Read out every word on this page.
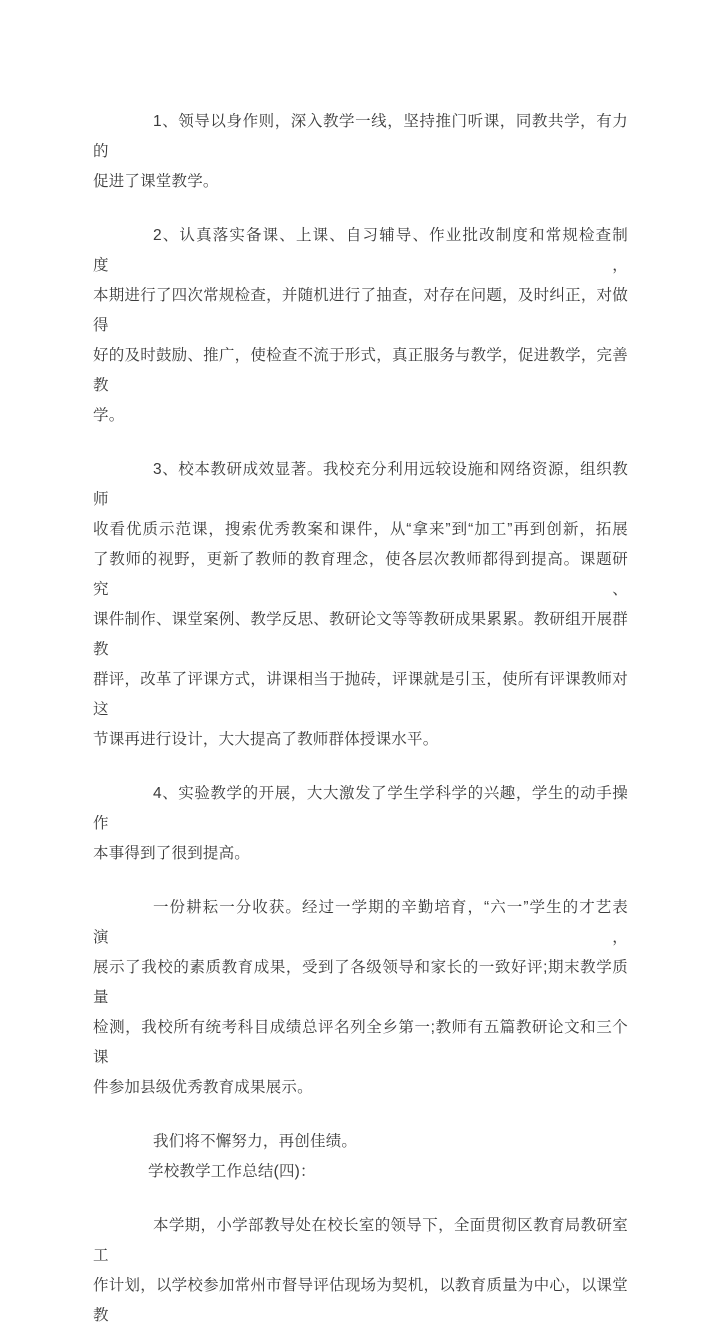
1、领导以身作则，深入教学一线，坚持推门听课，同教共学，有力的
促进了课堂教学。
2、认真落实备课、上课、自习辅导、作业批改制度和常规检查制度，
本期进行了四次常规检查，并随机进行了抽查，对存在问题，及时纠正，对做得
好的及时鼓励、推广，使检查不流于形式，真正服务与教学，促进教学，完善教
学。
3、校本教研成效显著。我校充分利用远较设施和网络资源，组织教师
收看优质示范课，搜索优秀教案和课件，从“拿来”到“加工”再到创新，拓展
了教师的视野，更新了教师的教育理念，使各层次教师都得到提高。课题研究、
课件制作、课堂案例、教学反思、教研论文等等教研成果累累。教研组开展群教
群评，改革了评课方式，讲课相当于抛砖，评课就是引玉，使所有评课教师对这
节课再进行设计，大大提高了教师群体授课水平。
4、实验教学的开展，大大激发了学生学科学的兴趣，学生的动手操作
本事得到了很到提高。
一份耕耘一分收获。经过一学期的辛勤培育，“六一”学生的才艺表演，
展示了我校的素质教育成果，受到了各级领导和家长的一致好评;期末教学质量
检测，我校所有统考科目成绩总评名列全乡第一;教师有五篇教研论文和三个课
件参加县级优秀教育成果展示。
我们将不懈努力，再创佳绩。
学校教学工作总结(四)：
本学期，小学部教导处在校长室的领导下，全面贯彻区教育局教研室工
作计划，以学校参加常州市督导评估现场为契机，以教育质量为中心，以课堂教
